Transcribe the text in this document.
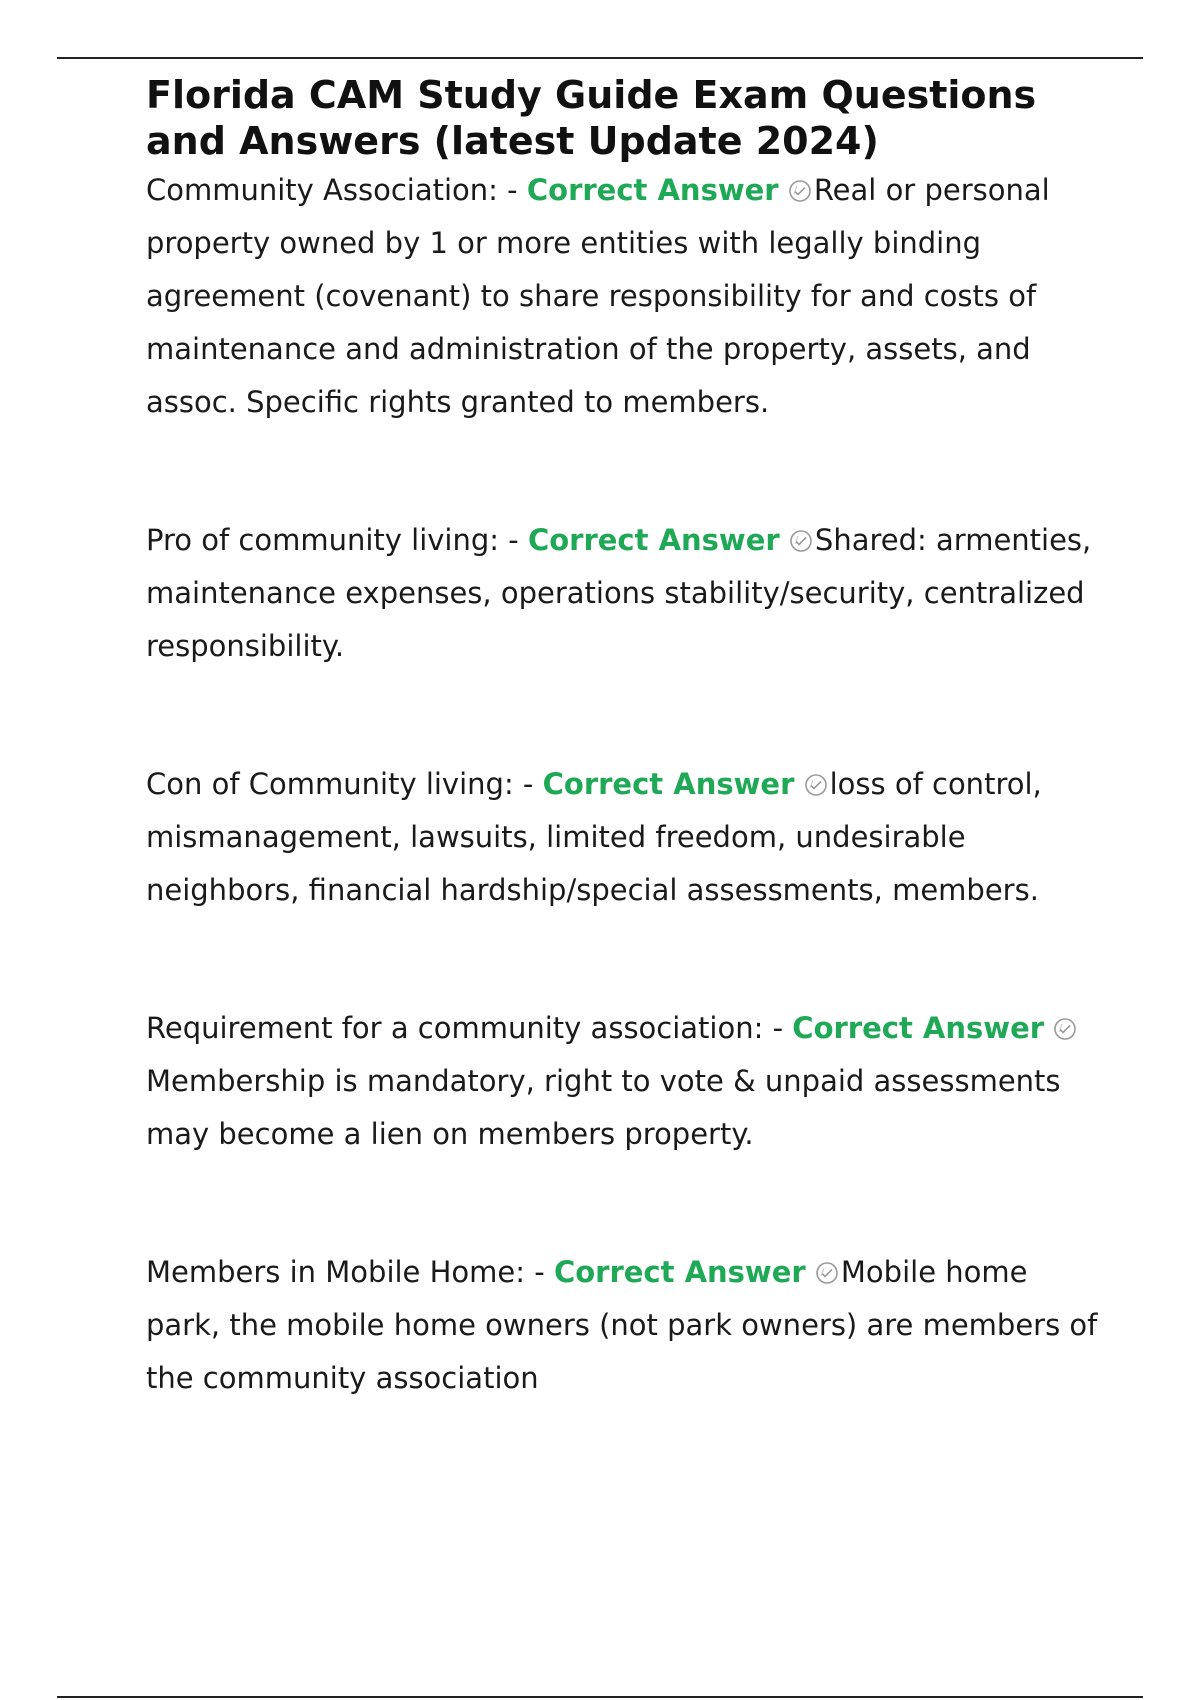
Florida CAM Study Guide Exam Questions and Answers (latest Update 2024)

Community Association: - Correct Answer Real or personal property owned by 1 or more entities with legally binding agreement (covenant) to share responsibility for and costs of maintenance and administration of the property, assets, and assoc. Specific rights granted to members.

Pro of community living: - Correct Answer Shared: armenties, maintenance expenses, operations stability/security, centralized responsibility.

Con of Community living: - Correct Answer loss of control, mismanagement, lawsuits, limited freedom, undesirable neighbors, financial hardship/special assessments, members.

Requirement for a community association: - Correct Answer
Membership is mandatory, right to vote & unpaid assessments may become a lien on members property.

Members in Mobile Home: - Correct Answer Mobile home park, the mobile home owners (not park owners) are members of the community association
